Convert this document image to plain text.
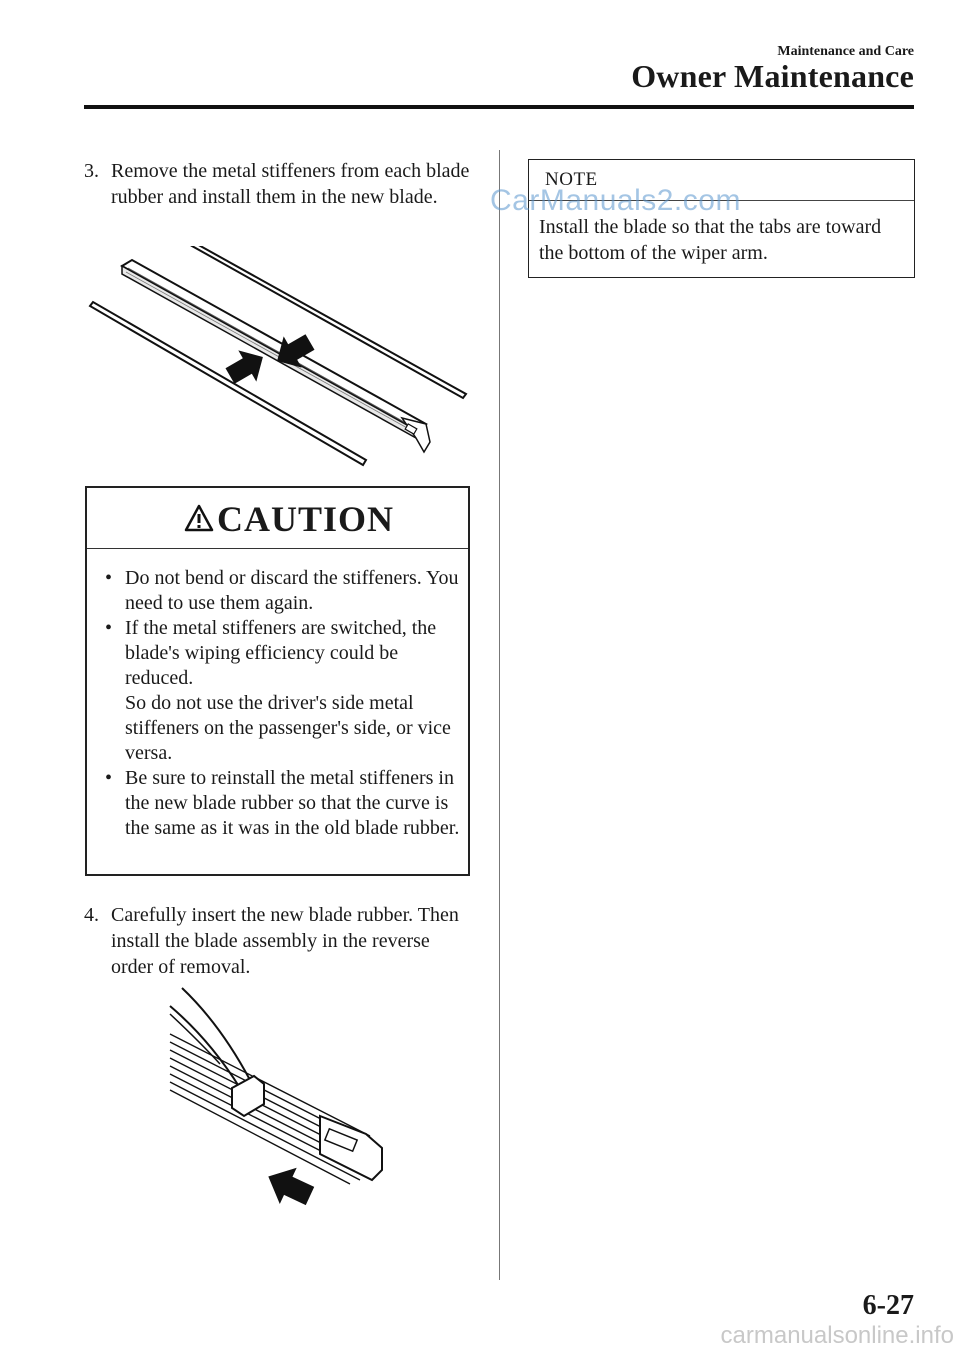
Maintenance and Care
Owner Maintenance
3. Remove the metal stiffeners from each blade rubber and install them in the new blade.
CAUTION
• Do not bend or discard the stiffeners. You need to use them again.
• If the metal stiffeners are switched, the blade's wiping efficiency could be reduced.
So do not use the driver's side metal stiffeners on the passenger's side, or vice versa.
• Be sure to reinstall the metal stiffeners in the new blade rubber so that the curve is the same as it was in the old blade rubber.
4. Carefully insert the new blade rubber. Then install the blade assembly in the reverse order of removal.
NOTE
Install the blade so that the tabs are toward the bottom of the wiper arm.
CarManuals2.com
carmanualsonline.info
6-27
